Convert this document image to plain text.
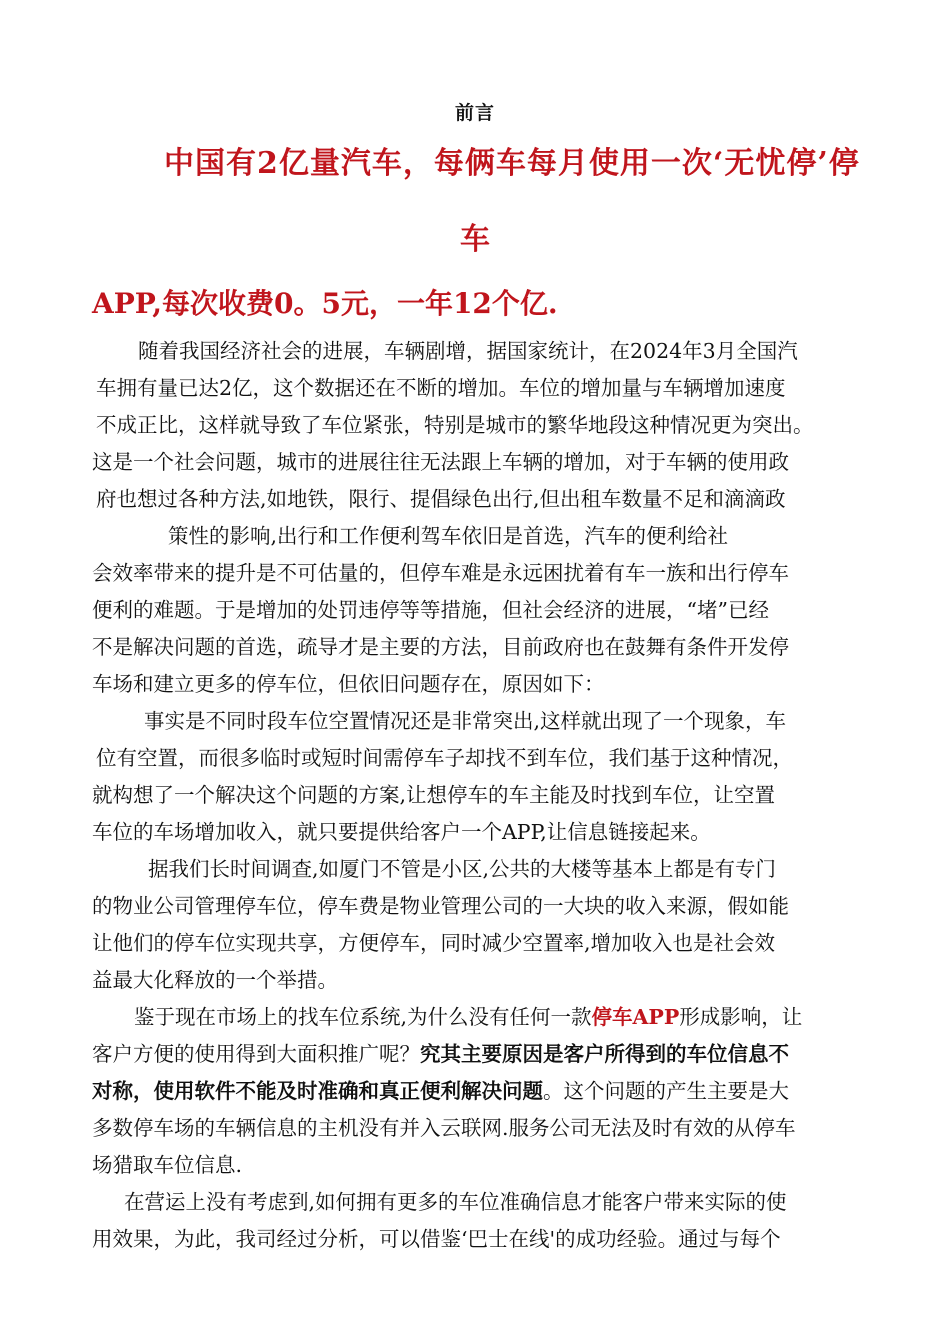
前言
中国有2亿量汽车，每俩车每月使用一次‘无忧停’停
车
APP,每次收费0。5元，一年12个亿.
随着我国经济社会的进展，车辆剧增，据国家统计，在2024年3月全国汽
车拥有量已达2亿，这个数据还在不断的增加。车位的增加量与车辆增加速度
不成正比，这样就导致了车位紧张，特别是城市的繁华地段这种情况更为突出。
这是一个社会问题，城市的进展往往无法跟上车辆的增加，对于车辆的使用政
府也想过各种方法,如地铁，限行、提倡绿色出行,但出租车数量不足和滴滴政
策性的影响,出行和工作便利驾车依旧是首选，汽车的便利给社
会效率带来的提升是不可估量的，但停车难是永远困扰着有车一族和出行停车
便利的难题。于是增加的处罚违停等等措施，但社会经济的进展，“堵”已经
不是解决问题的首选，疏导才是主要的方法，目前政府也在鼓舞有条件开发停
车场和建立更多的停车位，但依旧问题存在，原因如下：
事实是不同时段车位空置情况还是非常突出,这样就出现了一个现象，车
位有空置，而很多临时或短时间需停车子却找不到车位，我们基于这种情况，
就构想了一个解决这个问题的方案,让想停车的车主能及时找到车位，让空置
车位的车场增加收入，就只要提供给客户一个APP,让信息链接起来。
据我们长时间调查,如厦门不管是小区,公共的大楼等基本上都是有专门
的物业公司管理停车位，停车费是物业管理公司的一大块的收入来源，假如能
让他们的停车位实现共享，方便停车，同时减少空置率,增加收入也是社会效
益最大化释放的一个举措。
鉴于现在市场上的找车位系统,为什么没有任何一款停车APP形成影响，让
客户方便的使用得到大面积推广呢？究其主要原因是客户所得到的车位信息不
对称，使用软件不能及时准确和真正便利解决问题。这个问题的产生主要是大
多数停车场的车辆信息的主机没有并入云联网.服务公司无法及时有效的从停车
场猎取车位信息.
在营运上没有考虑到,如何拥有更多的车位准确信息才能客户带来实际的使
用效果，为此，我司经过分析，可以借鉴‘巴士在线'的成功经验。通过与每个
